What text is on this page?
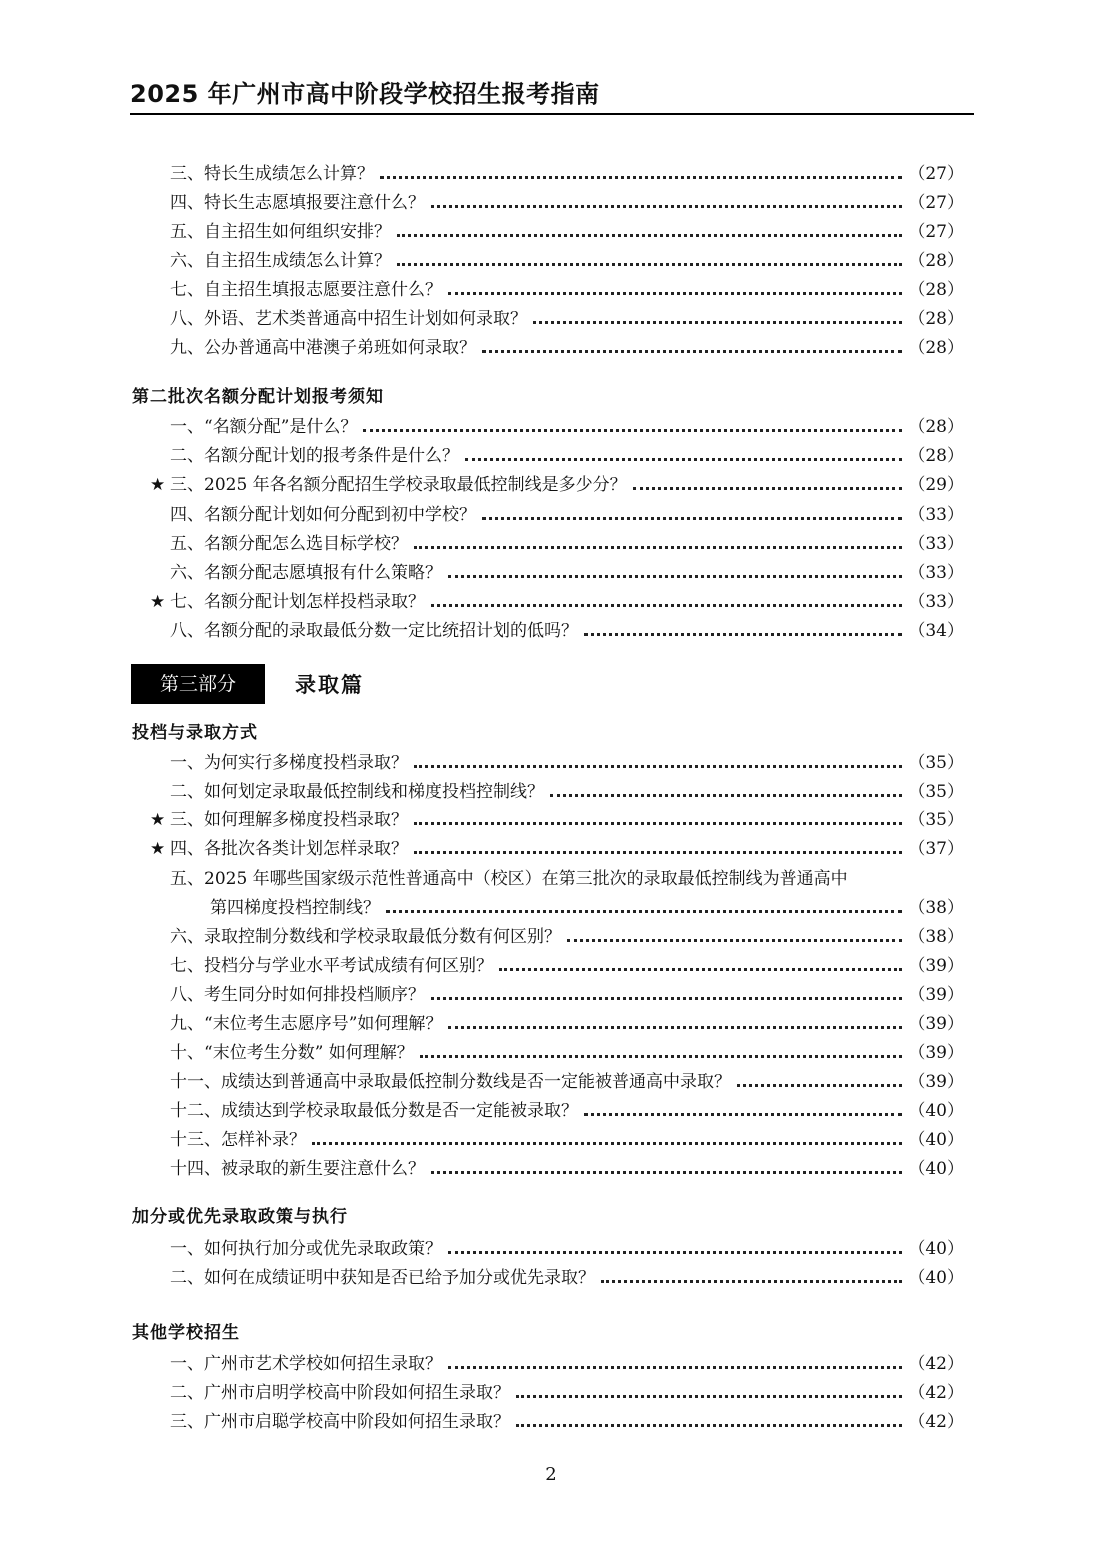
2025 年广州市高中阶段学校招生报考指南
三、 特长生成绩怎么计算？	（27）
四、 特长生志愿填报要注意什么？	（27）
五、 自主招生如何组织安排？	（27）
六、 自主招生成绩怎么计算？	（28）
七、 自主招生填报志愿要注意什么？	（28）
八、 外语、艺术类普通高中招生计划如何录取？	（28）
九、 公办普通高中港澳子弟班如何录取？	（28）
第二批次名额分配计划报考须知
一、 “名额分配”是什么？	（28）
二、 名额分配计划的报考条件是什么？	（28）
★ 三、 2025 年各名额分配招生学校录取最低控制线是多少分？	（29）
四、 名额分配计划如何分配到初中学校？	（33）
五、 名额分配怎么选目标学校？	（33）
六、 名额分配志愿填报有什么策略？	（33）
★ 七、 名额分配计划怎样投档录取？	（33）
八、 名额分配的录取最低分数一定比统招计划的低吗？	（34）
第三部分	录取篇
投档与录取方式
一、 为何实行多梯度投档录取？	（35）
二、 如何划定录取最低控制线和梯度投档控制线？	（35）
★ 三、 如何理解多梯度投档录取？	（35）
★ 四、 各批次各类计划怎样录取？	（37）
五、 2025 年哪些国家级示范性普通高中（校区）在第三批次的录取最低控制线为普通高中
第四梯度投档控制线？	（38）
六、 录取控制分数线和学校录取最低分数有何区别？	（38）
七、 投档分与学业水平考试成绩有何区别？	（39）
八、 考生同分时如何排投档顺序？	（39）
九、 “末位考生志愿序号”如何理解？	（39）
十、 “末位考生分数” 如何理解？	（39）
十一、 成绩达到普通高中录取最低控制分数线是否一定能被普通高中录取？	（39）
十二、 成绩达到学校录取最低分数是否一定能被录取？	（40）
十三、 怎样补录？	（40）
十四、 被录取的新生要注意什么？	（40）
加分或优先录取政策与执行
一、 如何执行加分或优先录取政策？	（40）
二、 如何在成绩证明中获知是否已给予加分或优先录取？	（40）
其他学校招生
一、 广州市艺术学校如何招生录取？	（42）
二、 广州市启明学校高中阶段如何招生录取？	（42）
三、 广州市启聪学校高中阶段如何招生录取？	（42）
2
